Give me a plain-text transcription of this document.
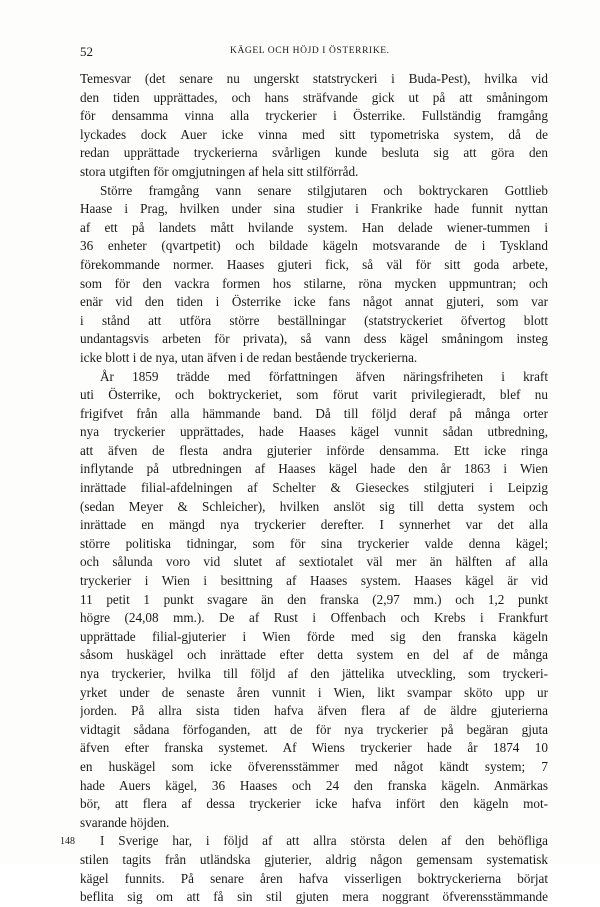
52	KÄGEL OCH HÖJD I ÖSTERRIKE.
148
Temesvar (det senare nu ungerskt statstryckeri i Buda-Pest), hvilka vid
den tiden upprättades, och hans sträfvande gick ut på att småningom
för densamma vinna alla tryckerier i Österrike. Fullständig framgång
lyckades dock Auer icke vinna med sitt typometriska system, då de
redan upprättade tryckerierna svårligen kunde besluta sig att göra den
stora utgiften för omgjutningen af hela sitt stilförråd.
Större framgång vann senare stilgjutaren och boktryckaren Gottlieb
Haase i Prag, hvilken under sina studier i Frankrike hade funnit nyttan
af ett på landets mått hvilande system. Han delade wiener-tummen i
36 enheter (qvartpetit) och bildade kägeln motsvarande de i Tyskland
förekommande normer. Haases gjuteri fick, så väl för sitt goda arbete,
som för den vackra formen hos stilarne, röna mycken uppmuntran; och
enär vid den tiden i Österrike icke fans något annat gjuteri, som var
i stånd att utföra större beställningar (statstryckeriet öfvertog blott
undantagsvis arbeten för privata), så vann dess kägel småningom insteg
icke blott i de nya, utan äfven i de redan bestående tryckerierna.
År 1859 trädde med författningen äfven näringsfriheten i kraft
uti Österrike, och boktryckeriet, som förut varit privilegieradt, blef nu
frigifvet från alla hämmande band. Då till följd deraf på många orter
nya tryckerier upprättades, hade Haases kägel vunnit sådan utbredning,
att äfven de flesta andra gjuterier införde densamma. Ett icke ringa
inflytande på utbredningen af Haases kägel hade den år 1863 i Wien
inrättade filial-afdelningen af Schelter & Gieseckes stilgjuteri i Leipzig
(sedan Meyer & Schleicher), hvilken anslöt sig till detta system och
inrättade en mängd nya tryckerier derefter. I synnerhet var det alla
större politiska tidningar, som för sina tryckerier valde denna kägel;
och sålunda voro vid slutet af sextiotalet väl mer än hälften af alla
tryckerier i Wien i besittning af Haases system. Haases kägel är vid
11 petit 1 punkt svagare än den franska (2,97 mm.) och 1,2 punkt
högre (24,08 mm.). De af Rust i Offenbach och Krebs i Frankfurt
upprättade filial-gjuterier i Wien förde med sig den franska kägeln
såsom huskägel och inrättade efter detta system en del af de många
nya tryckerier, hvilka till följd af den jättelika utveckling, som tryckeri-
yrket under de senaste åren vunnit i Wien, likt svampar sköto upp ur
jorden. På allra sista tiden hafva äfven flera af de äldre gjuterierna
vidtagit sådana förfoganden, att de för nya tryckerier på begäran gjuta
äfven efter franska systemet. Af Wiens tryckerier hade år 1874 10
en huskägel som icke öfverensstämmer med något kändt system; 7
hade Auers kägel, 36 Haases och 24 den franska kägeln. Anmärkas
bör, att flera af dessa tryckerier icke hafva infört den kägeln mot-
svarande höjden.
I Sverige har, i följd af att allra största delen af den behöfliga
stilen tagits från utländska gjuterier, aldrig någon gemensam systematisk
kägel funnits. På senare åren hafva visserligen boktryckerierna börjat
beflita sig om att få sin stil gjuten mera noggrant öfverensstämmande
